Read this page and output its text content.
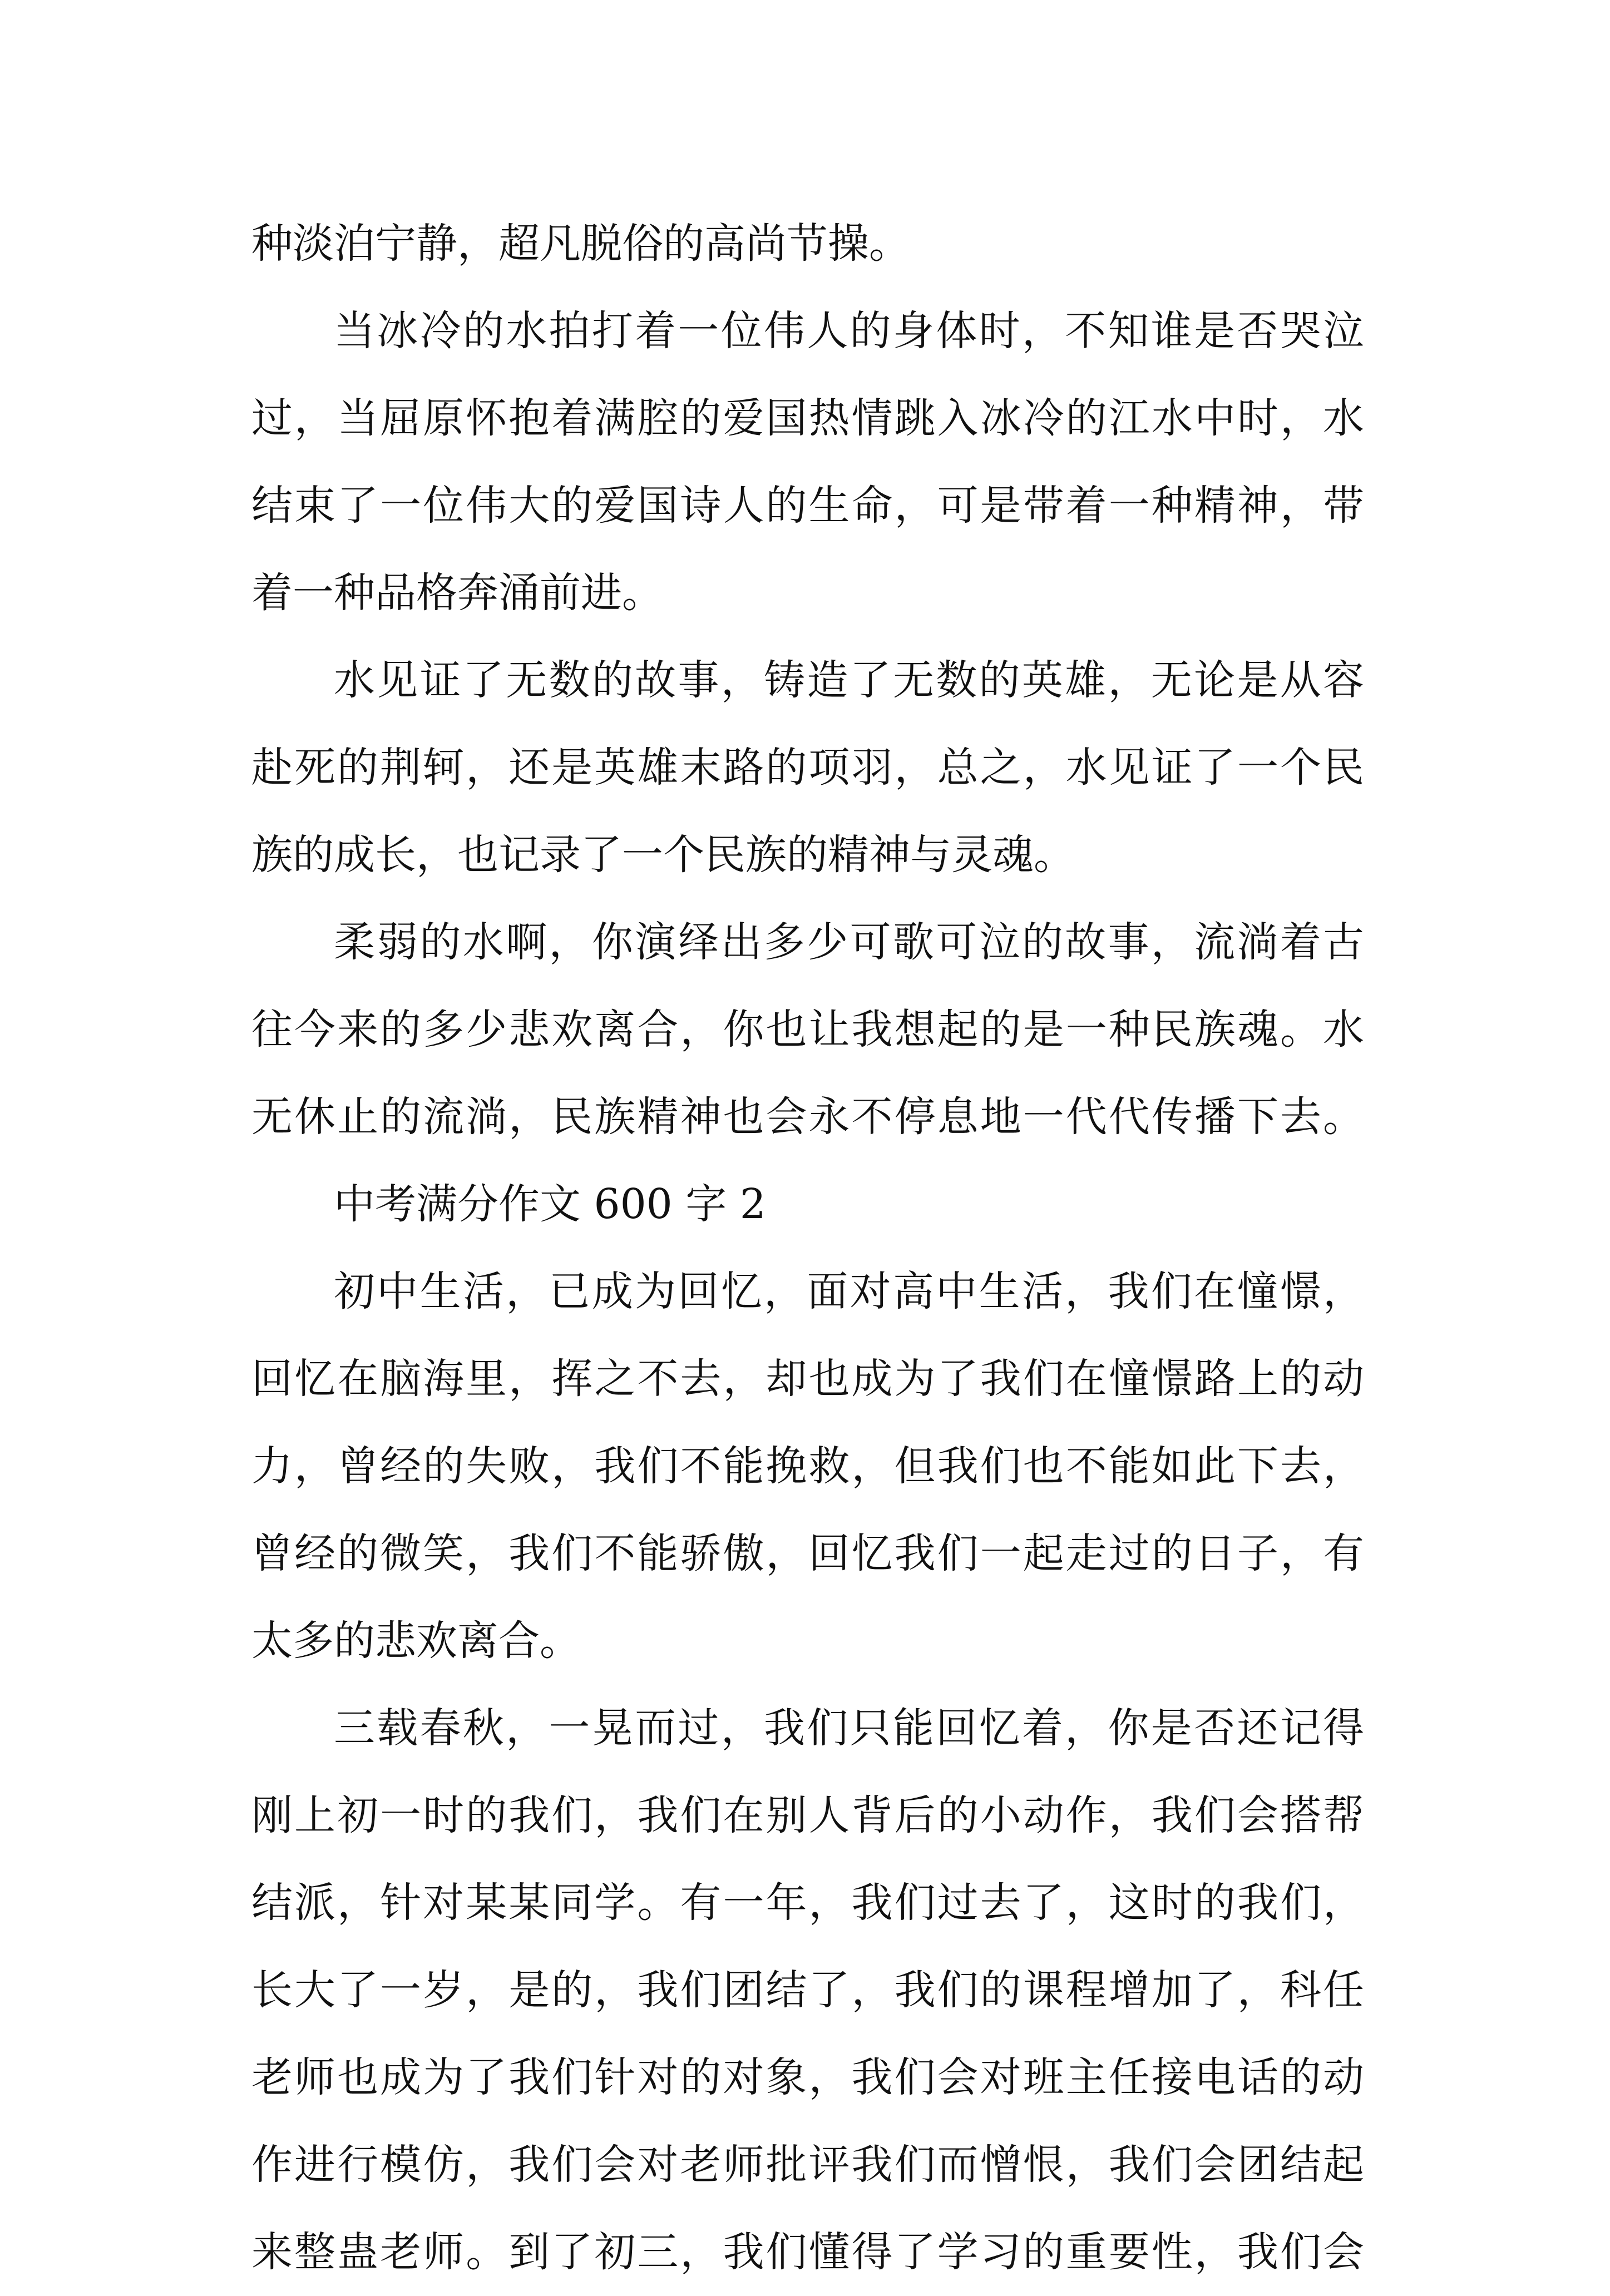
种淡泊宁静，超凡脱俗的高尚节操。
当冰冷的水拍打着一位伟人的身体时，不知谁是否哭泣
过，当屈原怀抱着满腔的爱国热情跳入冰冷的江水中时，水
结束了一位伟大的爱国诗人的生命，可是带着一种精神，带
着一种品格奔涌前进。
水见证了无数的故事，铸造了无数的英雄，无论是从容
赴死的荆轲，还是英雄末路的项羽，总之，水见证了一个民
族的成长，也记录了一个民族的精神与灵魂。
柔弱的水啊，你演绎出多少可歌可泣的故事，流淌着古
往今来的多少悲欢离合，你也让我想起的是一种民族魂。水
无休止的流淌，民族精神也会永不停息地一代代传播下去。
中考满分作文 600 字 2
初中生活，已成为回忆，面对高中生活，我们在憧憬，
回忆在脑海里，挥之不去，却也成为了我们在憧憬路上的动
力，曾经的失败，我们不能挽救，但我们也不能如此下去，
曾经的微笑，我们不能骄傲，回忆我们一起走过的日子，有
太多的悲欢离合。
三载春秋，一晃而过，我们只能回忆着，你是否还记得
刚上初一时的我们，我们在别人背后的小动作，我们会搭帮
结派，针对某某同学。有一年，我们过去了，这时的我们，
长大了一岁，是的，我们团结了，我们的课程增加了，科任
老师也成为了我们针对的对象，我们会对班主任接电话的动
作进行模仿，我们会对老师批评我们而憎恨，我们会团结起
来整蛊老师。到了初三，我们懂得了学习的重要性，我们会
